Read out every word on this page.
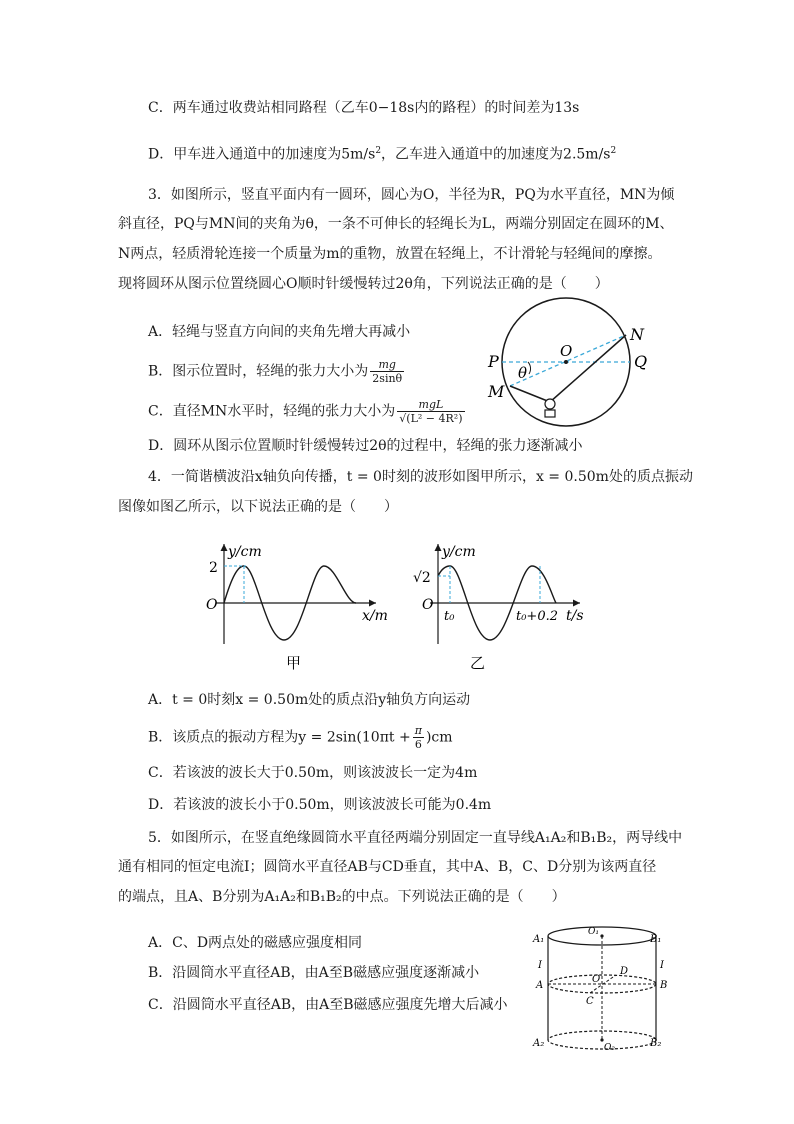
C．两车通过收费站相同路程（乙车0−18s内的路程）的时间差为13s
D．甲车进入通道中的加速度为$5m/s^2$，乙车进入通道中的加速度为$2.5m/s^2$
3．如图所示，竖直平面内有一圆环，圆心为O，半径为R，PQ为水平直径，MN为倾
斜直径，PQ与MN间的夹角为θ，一条不可伸长的轻绳长为L，两端分别固定在圆环的M、
N两点，轻质滑轮连接一个质量为m的重物，放置在轻绳上，不计滑轮与轻绳间的摩擦。
现将圆环从图示位置绕圆心O顺时针缓慢转过2θ角，下列说法正确的是（　　）
A．轻绳与竖直方向间的夹角先增大再减小
B．图示位置时，轻绳的张力大小为 $\frac{mg}{2\sin\theta}$
C．直径MN水平时，轻绳的张力大小为 $\frac{\text{mgL}}{\text{√(L² − 4R²)}}$
D．圆环从图示位置顺时针缓慢转过2θ的过程中，轻绳的张力逐渐减小
O
θ
P	Q
M
N
4．一简谐横波沿x轴负向传播，t = 0时刻的波形如图甲所示，x = 0.50m处的质点振动
图像如图乙所示，以下说法正确的是（　　）
y/cm
2
O
x/m
甲
y/cm
√2
O
t₀	t₀+0.2 t/s
乙
A．t = 0时刻x = 0.50m处的质点沿y轴负方向运动
B．该质点的振动方程为$y = 2\sin(10\pi t + \frac{\pi}{6} )cm$
C．若该波的波长大于0.50m，则该波波长一定为4m
D．若该波的波长小于0.50m，则该波波长可能为0.4m
5．如图所示，在竖直绝缘圆筒水平直径两端分别固定一直导线A₁A₂和B₁B₂，两导线中
通有相同的恒定电流I；圆筒水平直径AB与CD垂直，其中A、B，C、D分别为该两直径
的端点，且A、B分别为A₁A₂和B₁B₂的中点。下列说法正确的是（　　）
A．C、D两点处的磁感应强度相同
B．沿圆筒水平直径AB，由A至B磁感应强度逐渐减小
C．沿圆筒水平直径AB，由A至B磁感应强度先增大后减小
A₁	B₁
A₂	B₂
I	I
A	B
C
D
O
O₁
O₂
